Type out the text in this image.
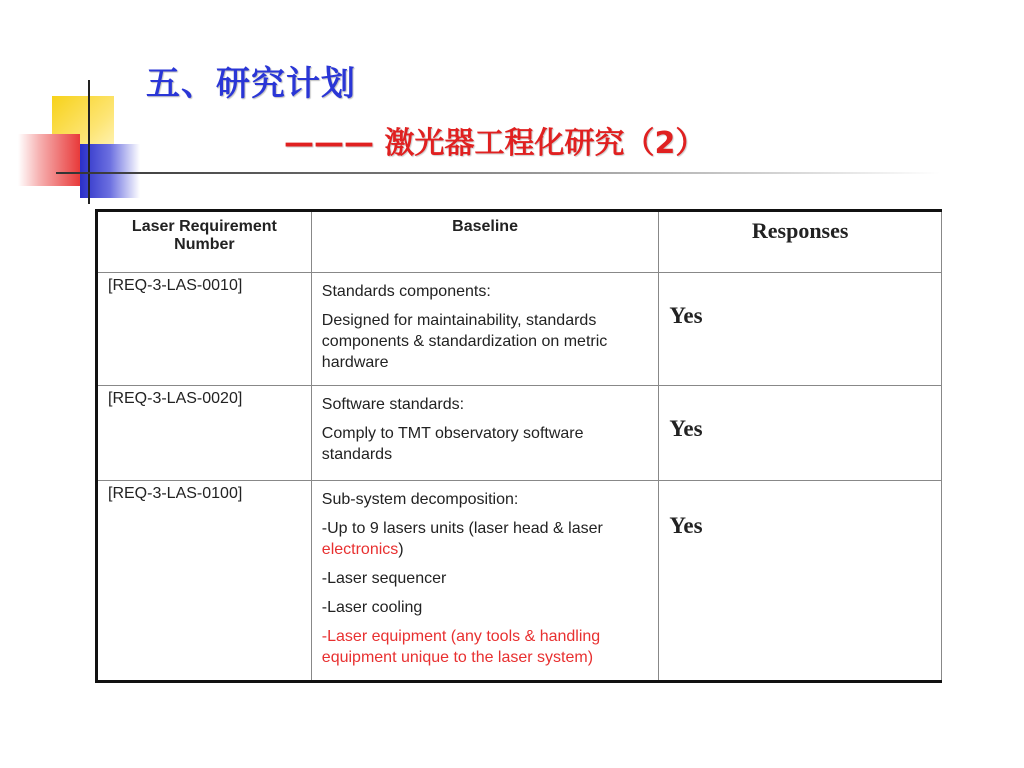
五、研究计划
——— 激光器工程化研究（2）
Laser Requirement Number	Baseline	Responses
[REQ-3-LAS-0010]	Standards components:

Designed for maintainability, standards components & standardization on metric hardware	Yes
[REQ-3-LAS-0020]	Software standards:

Comply to TMT observatory software standards	Yes
[REQ-3-LAS-0100]	Sub-system decomposition:

-Up to 9 lasers units (laser head & laser electronics)

-Laser sequencer

-Laser cooling

-Laser equipment (any tools & handling equipment unique to the laser system)	Yes
